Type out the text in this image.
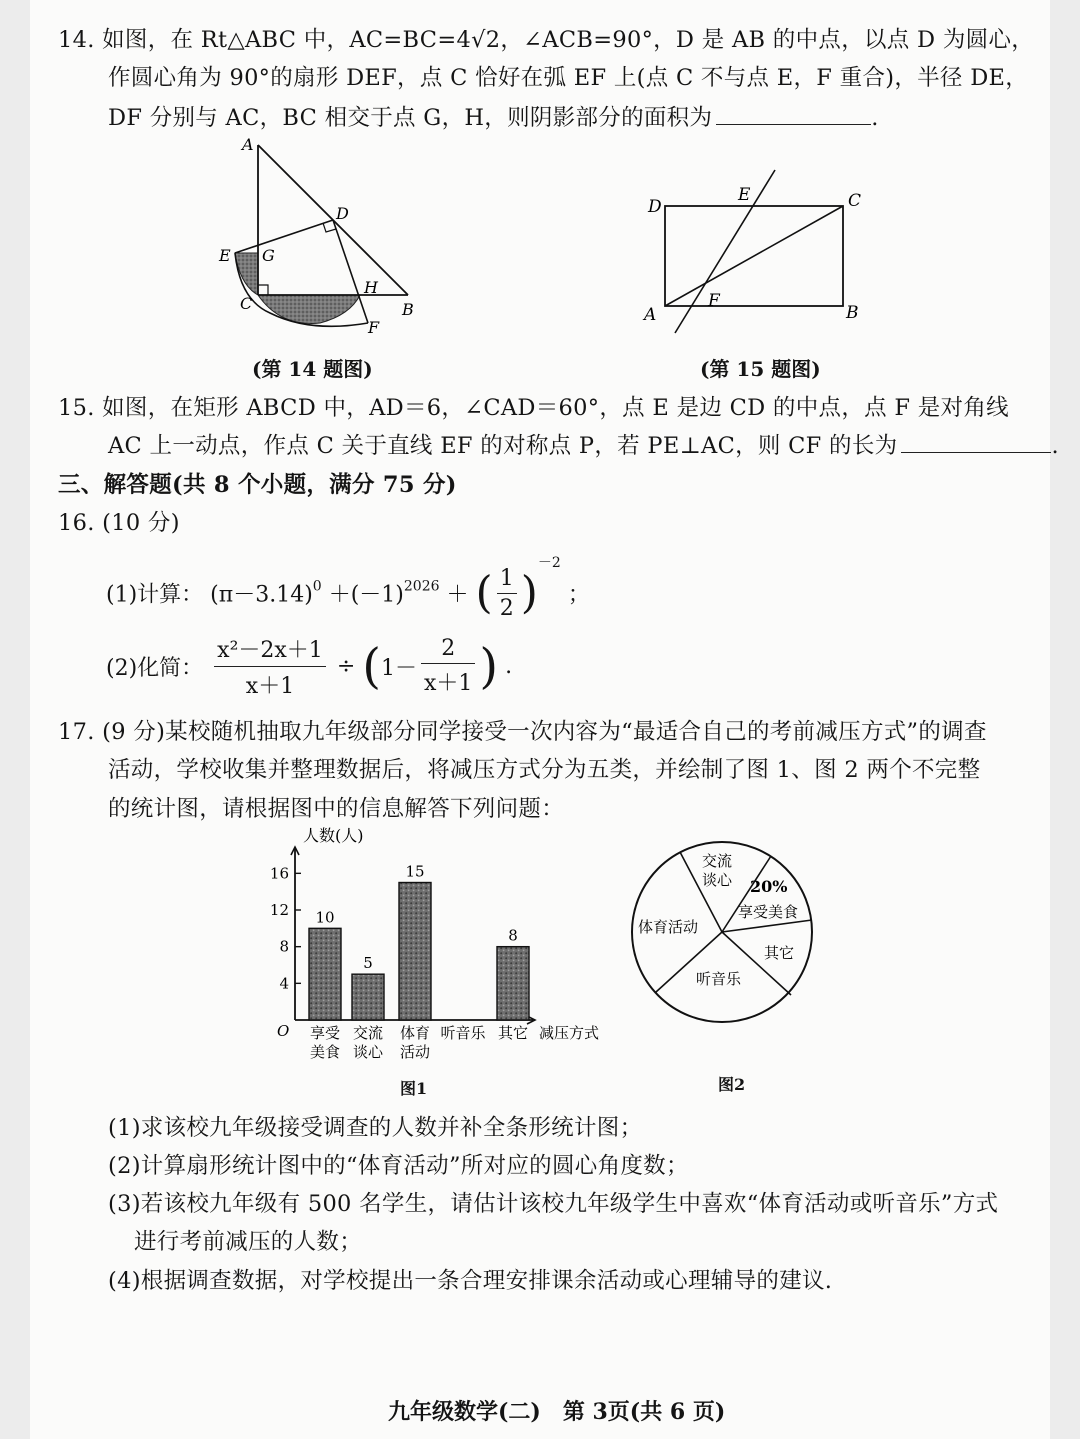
14. 如图，在 Rt△ABC 中，AC=BC=4√2，∠ACB=90°，D 是 AB 的中点，以点 D 为圆心，
作圆心角为 90°的扇形 DEF，点 C 恰好在弧 EF 上(点 C 不与点 E，F 重合)，半径 DE，
DF 分别与 AC，BC 相交于点 G，H，则阴影部分的面积为	.
A
D
E G
C
H
B
F
(第 14 题图)
D
E	C
A
F
B
(第 15 题图)
15. 如图，在矩形 ABCD 中，AD＝6，∠CAD＝60°，点 E 是边 CD 的中点，点 F 是对角线
AC 上一动点，作点 C 关于直线 EF 的对称点 P，若 PE⊥AC，则 CF 的长为	.
三、解答题(共 8 个小题，满分 75 分)
16. (10 分)
(1)计算： $(\pi-3.14)^0 +(-1)^{2026}$ ＋ ( $\frac{1}{2} )^{-2}$ ；
(2)化简： $\frac{\text{x²－2x＋1}}{x+1} \div (1- \frac{2}{x+1}$ ) .
17. (9 分)某校随机抽取九年级部分同学接受一次内容为“最适合自己的考前减压方式”的调查
活动，学校收集并整理数据后，将减压方式分为五类，并绘制了图 1、图 2 两个不完整
的统计图，请根据图中的信息解答下列问题：
人数(人)
减压方式
O
4
8
12
16
10
享受
美食
5
交流
谈心
15
体育
活动
听音乐
8
其它
图1
交流
谈心 20%
享受美食
体育活动
其它
听音乐
图2
(1)求该校九年级接受调查的人数并补全条形统计图；
(2)计算扇形统计图中的“体育活动”所对应的圆心角度数；
(3)若该校九年级有 500 名学生，请估计该校九年级学生中喜欢“体育活动或听音乐”方式
进行考前减压的人数；
(4)根据调查数据，对学校提出一条合理安排课余活动或心理辅导的建议.
九年级数学(二)　第 3页(共 6 页)
